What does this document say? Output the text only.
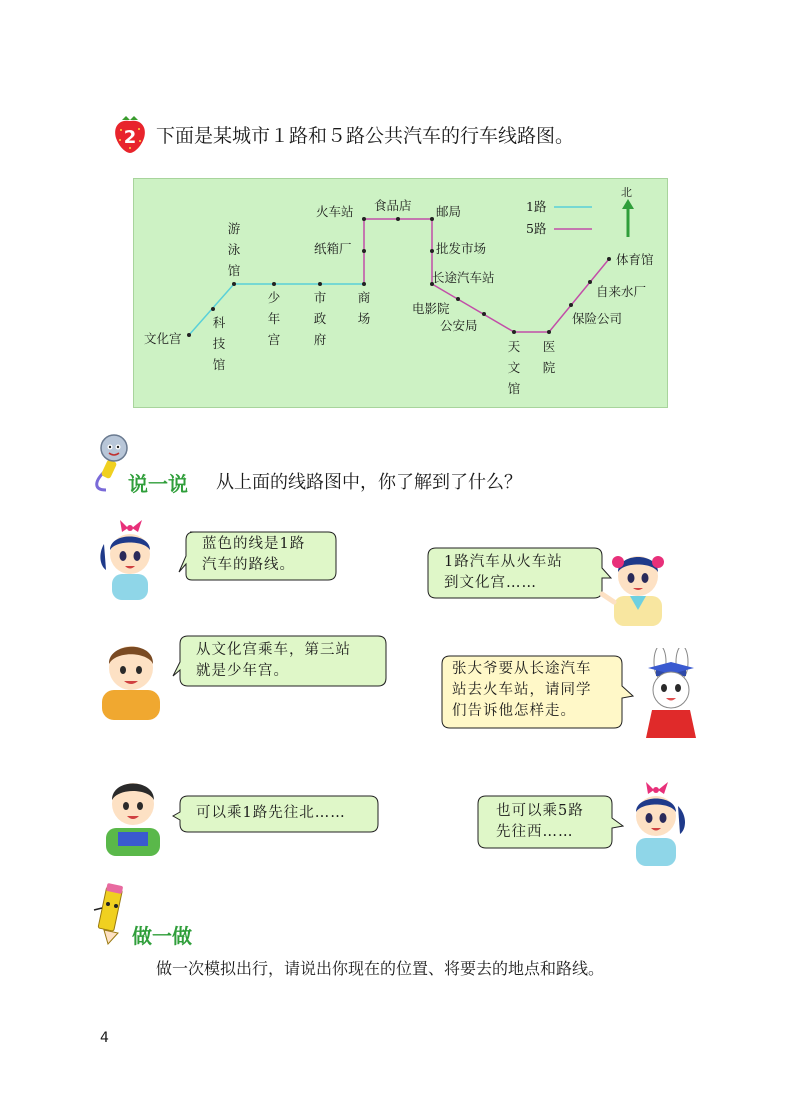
2 下面是某城市１路和５路公共汽车的行车线路图。
1路
5路
北
文化宫
火车站 食品店 邮局
纸箱厂	批发市场
长途汽车站
电影院
公安局	保险公司
自来水厂
体育馆
游
泳
馆
科
技
馆
少
年
宫
市
政
府
商
场
天
文
馆
医
院
说一说 从上面的线路图中，你了解到了什么？
蓝色的线是1路
汽车的路线。	1路汽车从火车站
到文化宫……
从文化宫乘车，第三站
就是少年宫。	张大爷要从长途汽车
站去火车站，请同学
们告诉他怎样走。
可以乘1路先往北……	也可以乘5路
先往西……
做一做
做一次模拟出行，请说出你现在的位置、将要去的地点和路线。
4
